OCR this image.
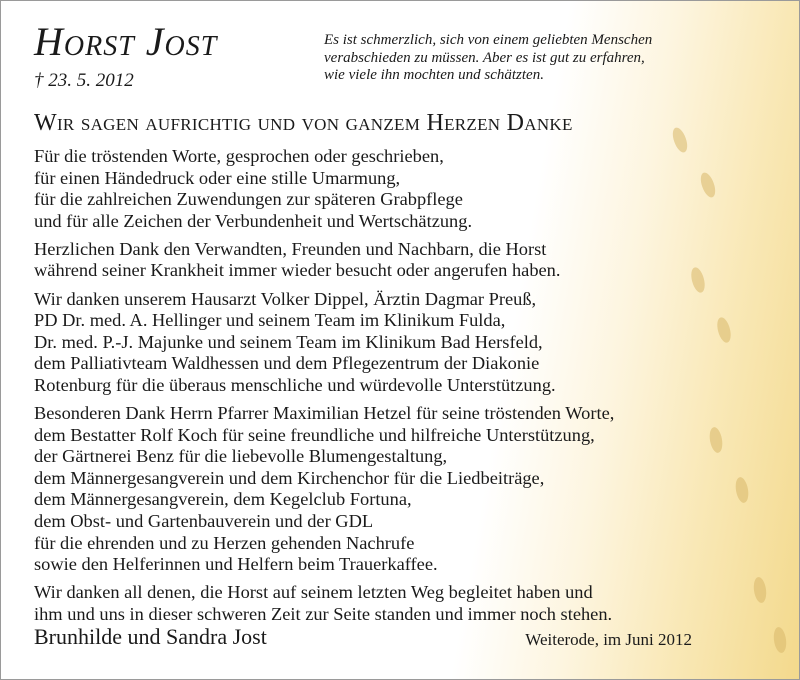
Horst Jost
† 23. 5. 2012
Es ist schmerzlich, sich von einem geliebten Menschen
verabschieden zu müssen. Aber es ist gut zu erfahren,
wie viele ihn mochten und schätzten.
Wir sagen aufrichtig und von ganzem Herzen Danke
Für die tröstenden Worte, gesprochen oder geschrieben,
für einen Händedruck oder eine stille Umarmung,
für die zahlreichen Zuwendungen zur späteren Grabpflege
und für alle Zeichen der Verbundenheit und Wertschätzung.
Herzlichen Dank den Verwandten, Freunden und Nachbarn, die Horst
während seiner Krankheit immer wieder besucht oder angerufen haben.
Wir danken unserem Hausarzt Volker Dippel, Ärztin Dagmar Preuß,
PD Dr. med. A. Hellinger und seinem Team im Klinikum Fulda,
Dr. med. P.-J. Majunke und seinem Team im Klinikum Bad Hersfeld,
dem Palliativteam Waldhessen und dem Pflegezentrum der Diakonie
Rotenburg für die überaus menschliche und würdevolle Unterstützung.
Besonderen Dank Herrn Pfarrer Maximilian Hetzel für seine tröstenden Worte,
dem Bestatter Rolf Koch für seine freundliche und hilfreiche Unterstützung,
der Gärtnerei Benz für die liebevolle Blumengestaltung,
dem Männergesangverein und dem Kirchenchor für die Liedbeiträge,
dem Männergesangverein, dem Kegelclub Fortuna,
dem Obst- und Gartenbauverein und der GDL
für die ehrenden und zu Herzen gehenden Nachrufe
sowie den Helferinnen und Helfern beim Trauerkaffee.
Wir danken all denen, die Horst auf seinem letzten Weg begleitet haben und
ihm und uns in dieser schweren Zeit zur Seite standen und immer noch stehen.
Brunhilde und Sandra Jost	Weiterode, im Juni 2012
